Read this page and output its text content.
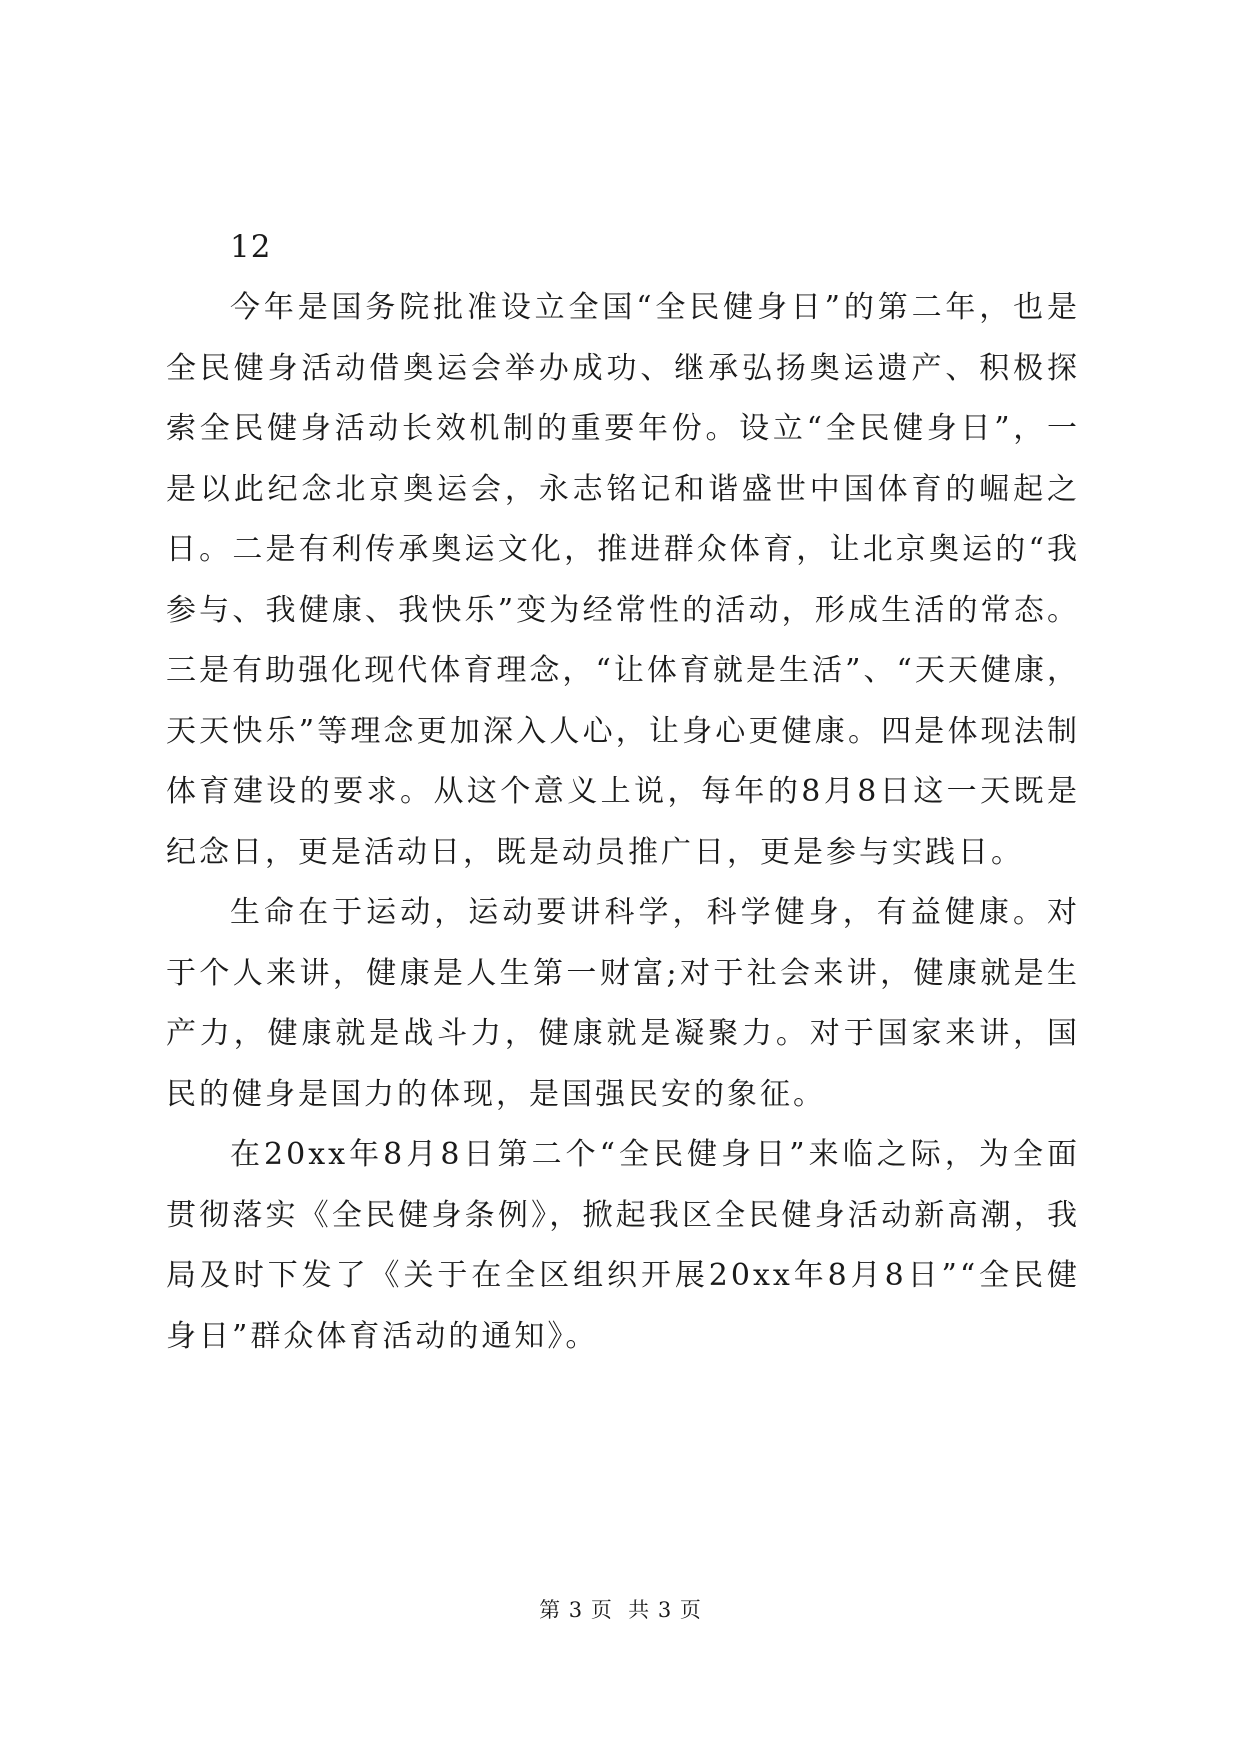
12

今年是国务院批准设立全国“全民健身日”的第二年，也是全民健身活动借奥运会举办成功、继承弘扬奥运遗产、积极探索全民健身活动长效机制的重要年份。设立“全民健身日”，一是以此纪念北京奥运会，永志铭记和谐盛世中国体育的崛起之日。二是有利传承奥运文化，推进群众体育，让北京奥运的“我参与、我健康、我快乐”变为经常性的活动，形成生活的常态。三是有助强化现代体育理念，“让体育就是生活”、“天天健康，天天快乐”等理念更加深入人心，让身心更健康。四是体现法制体育建设的要求。从这个意义上说，每年的8月8日这一天既是纪念日，更是活动日，既是动员推广日，更是参与实践日。

生命在于运动，运动要讲科学，科学健身，有益健康。对于个人来讲，健康是人生第一财富;对于社会来讲，健康就是生产力，健康就是战斗力，健康就是凝聚力。对于国家来讲，国民的健身是国力的体现，是国强民安的象征。

在20xx年8月8日第二个“全民健身日”来临之际，为全面贯彻落实《全民健身条例》，掀起我区全民健身活动新高潮，我局及时下发了《关于在全区组织开展20xx年8月8日”“全民健身日”群众体育活动的通知》。

第 3 页  共 3 页
